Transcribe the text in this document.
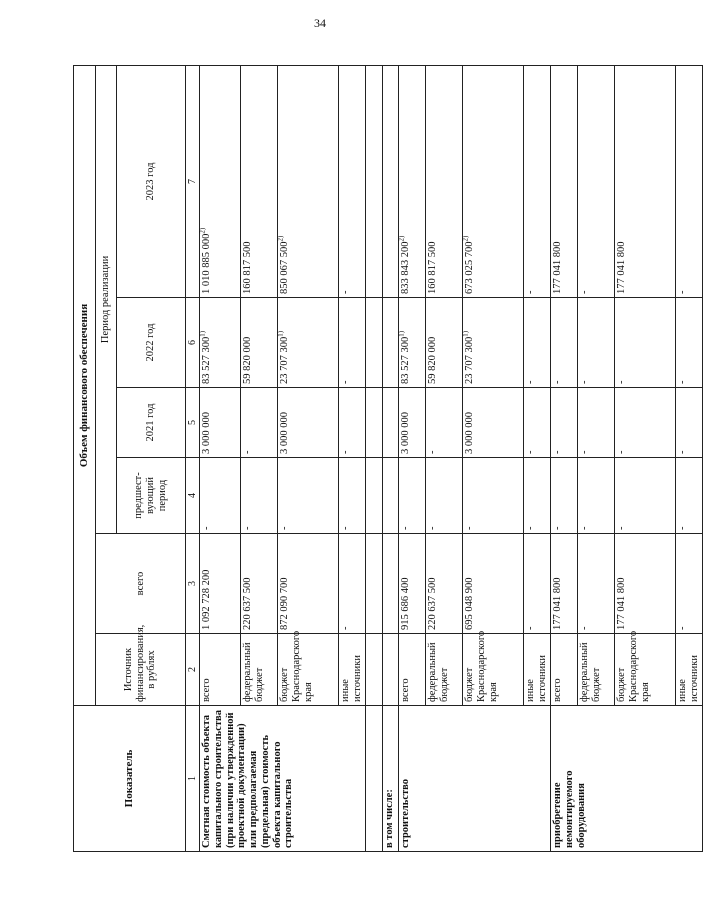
34
Показатель	Объем финансового обеспечения					
	Источник финансирования, в рублях	всего	Период реализации			
			предшест-вующий период	2021 год	2022 год	2023 год
1	2	3	4	5	6	7
Сметная стоимость объекта капитального строительства (при наличии утвержденной проектной документации) или предполагаемая (предельная) стоимость объекта капитального строительства	всего	1 092 728 200	-	3 000 000	83 527 300$^{1)}$	1 010 885 000$^{2)}$
	федеральный бюджет	220 637 500	-	-	59 820 000	160 817 500
	бюджет Краснодарского края	872 090 700	-	3 000 000	23 707 300$^{1)}$	850 067 500$^{2)}$
	иные источники	-	-	-	-	-

в том числе:						
строительство	всего	915 686 400	-	3 000 000	83 527 300$^{1)}$	833 843 200$^{2)}$
	федеральный бюджет	220 637 500	-	-	59 820 000	160 817 500
	бюджет Краснодарского края	695 048 900	-	3 000 000	23 707 300$^{1)}$	673 025 700$^{2)}$
	иные источники	-	-	-	-	-
приобретение немонтируемого оборудования	всего	177 041 800	-	-	-	177 041 800
	федеральный бюджет	-	-	-	-	-
	бюджет Краснодарского края	177 041 800	-	-	-	177 041 800
	иные источники	-	-	-	-	-
